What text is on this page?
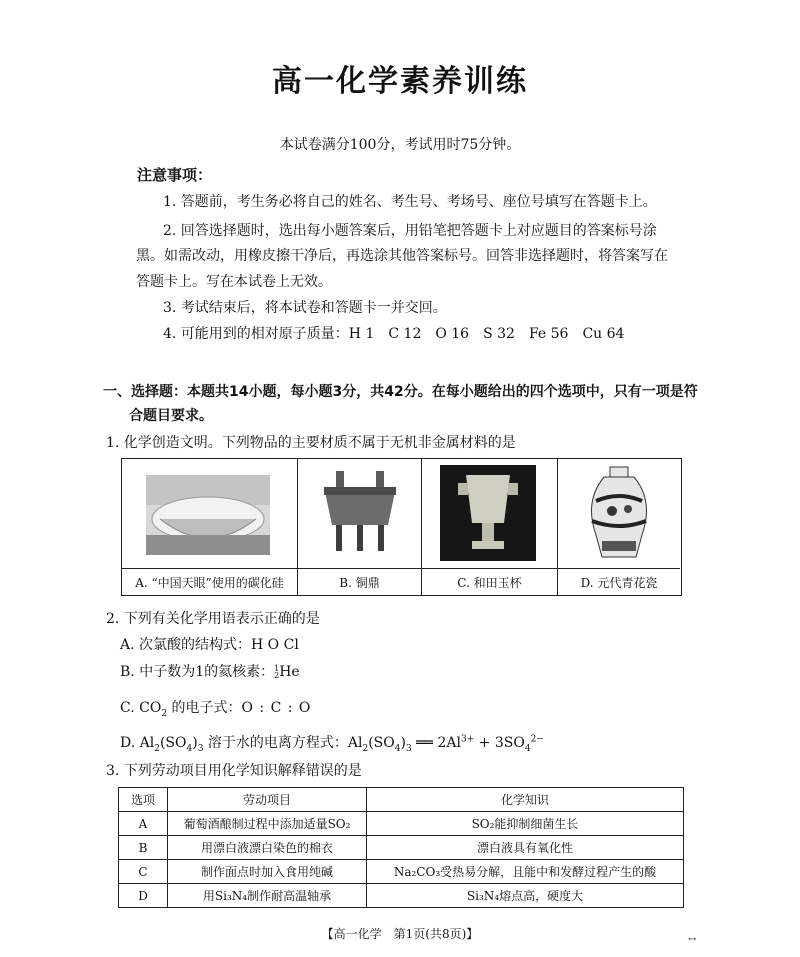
高一化学素养训练
本试卷满分100分，考试用时75分钟。
注意事项：
1. 答题前，考生务必将自己的姓名、考生号、考场号、座位号填写在答题卡上。
2. 回答选择题时，选出每小题答案后，用铅笔把答题卡上对应题目的答案标号涂
黑。如需改动，用橡皮擦干净后，再选涂其他答案标号。回答非选择题时，将答案写在
答题卡上。写在本试卷上无效。
3. 考试结束后，将本试卷和答题卡一并交回。
4. 可能用到的相对原子质量：H 1　C 12　O 16　S 32　Fe 56　Cu 64
一、选择题：本题共14小题，每小题3分，共42分。在每小题给出的四个选项中，只有一项是符
合题目要求。
1. 化学创造文明。下列物品的主要材质不属于无机非金属材料的是
A. “中国天眼”使用的碳化硅	B. 铜鼎	C. 和田玉杯	D. 元代青花瓷
2. 下列有关化学用语表示正确的是
A. 次氯酸的结构式：H O Cl
B. 中子数为1的氦核素：1
2He
C. $CO_2$ 的电子式：O : C : O
D. $Al_2(SO_4)_3$ 溶于水的电离方程式：$Al_2(SO_4)_3$ ══ $2Al^{3+} + 3SO_4^{2-}$
3. 下列劳动项目用化学知识解释错误的是
选项	劳动项目	化学知识
A	葡萄酒酿制过程中添加适量SO₂	SO₂能抑制细菌生长
B	用漂白液漂白染色的棉衣	漂白液具有氧化性
C	制作面点时加入食用纯碱	Na₂CO₃受热易分解，且能中和发酵过程产生的酸
D	用Si₃N₄制作耐高温轴承	Si₃N₄熔点高，硬度大
【高一化学　第1页(共8页)】	↔
